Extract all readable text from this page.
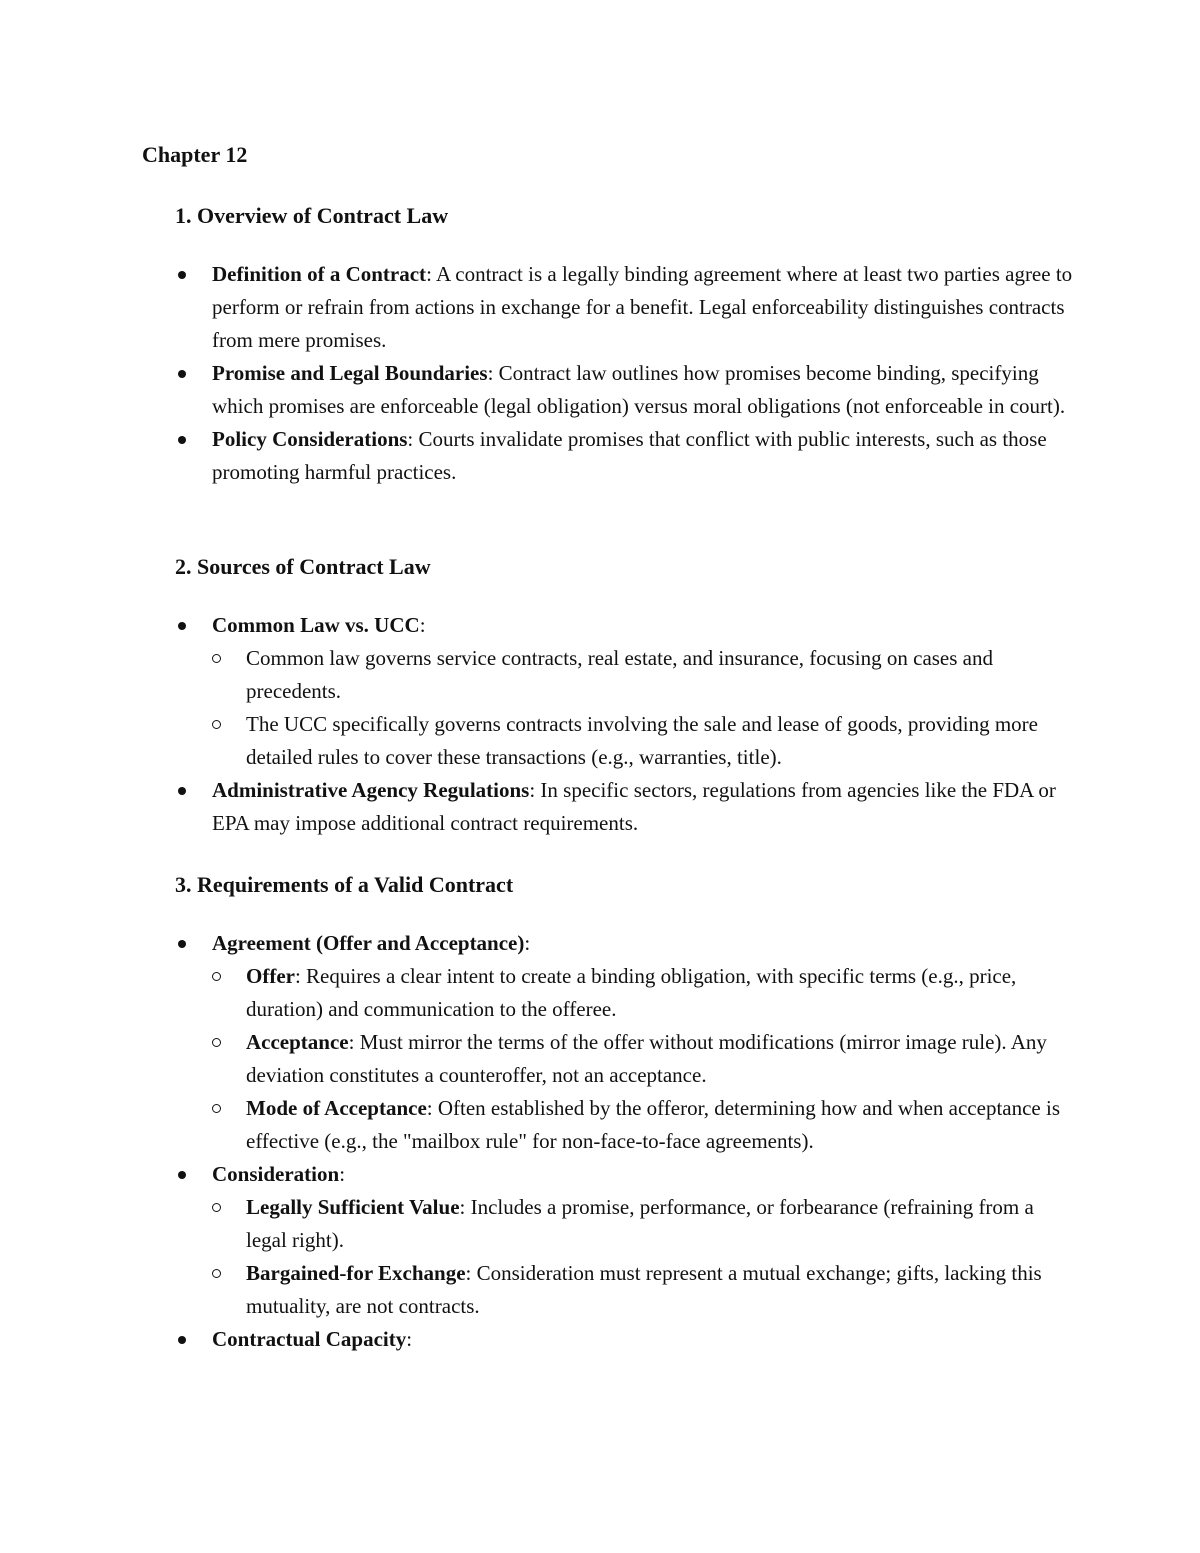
Chapter 12
1. Overview of Contract Law
Definition of a Contract: A contract is a legally binding agreement where at least two parties agree to perform or refrain from actions in exchange for a benefit. Legal enforceability distinguishes contracts from mere promises.
Promise and Legal Boundaries: Contract law outlines how promises become binding, specifying which promises are enforceable (legal obligation) versus moral obligations (not enforceable in court).
Policy Considerations: Courts invalidate promises that conflict with public interests, such as those promoting harmful practices.
2. Sources of Contract Law
Common Law vs. UCC:
Common law governs service contracts, real estate, and insurance, focusing on cases and precedents.
The UCC specifically governs contracts involving the sale and lease of goods, providing more detailed rules to cover these transactions (e.g., warranties, title).
Administrative Agency Regulations: In specific sectors, regulations from agencies like the FDA or EPA may impose additional contract requirements.
3. Requirements of a Valid Contract
Agreement (Offer and Acceptance):
Offer: Requires a clear intent to create a binding obligation, with specific terms (e.g., price, duration) and communication to the offeree.
Acceptance: Must mirror the terms of the offer without modifications (mirror image rule). Any deviation constitutes a counteroffer, not an acceptance.
Mode of Acceptance: Often established by the offeror, determining how and when acceptance is effective (e.g., the "mailbox rule" for non-face-to-face agreements).
Consideration:
Legally Sufficient Value: Includes a promise, performance, or forbearance (refraining from a legal right).
Bargained-for Exchange: Consideration must represent a mutual exchange; gifts, lacking this mutuality, are not contracts.
Contractual Capacity:
